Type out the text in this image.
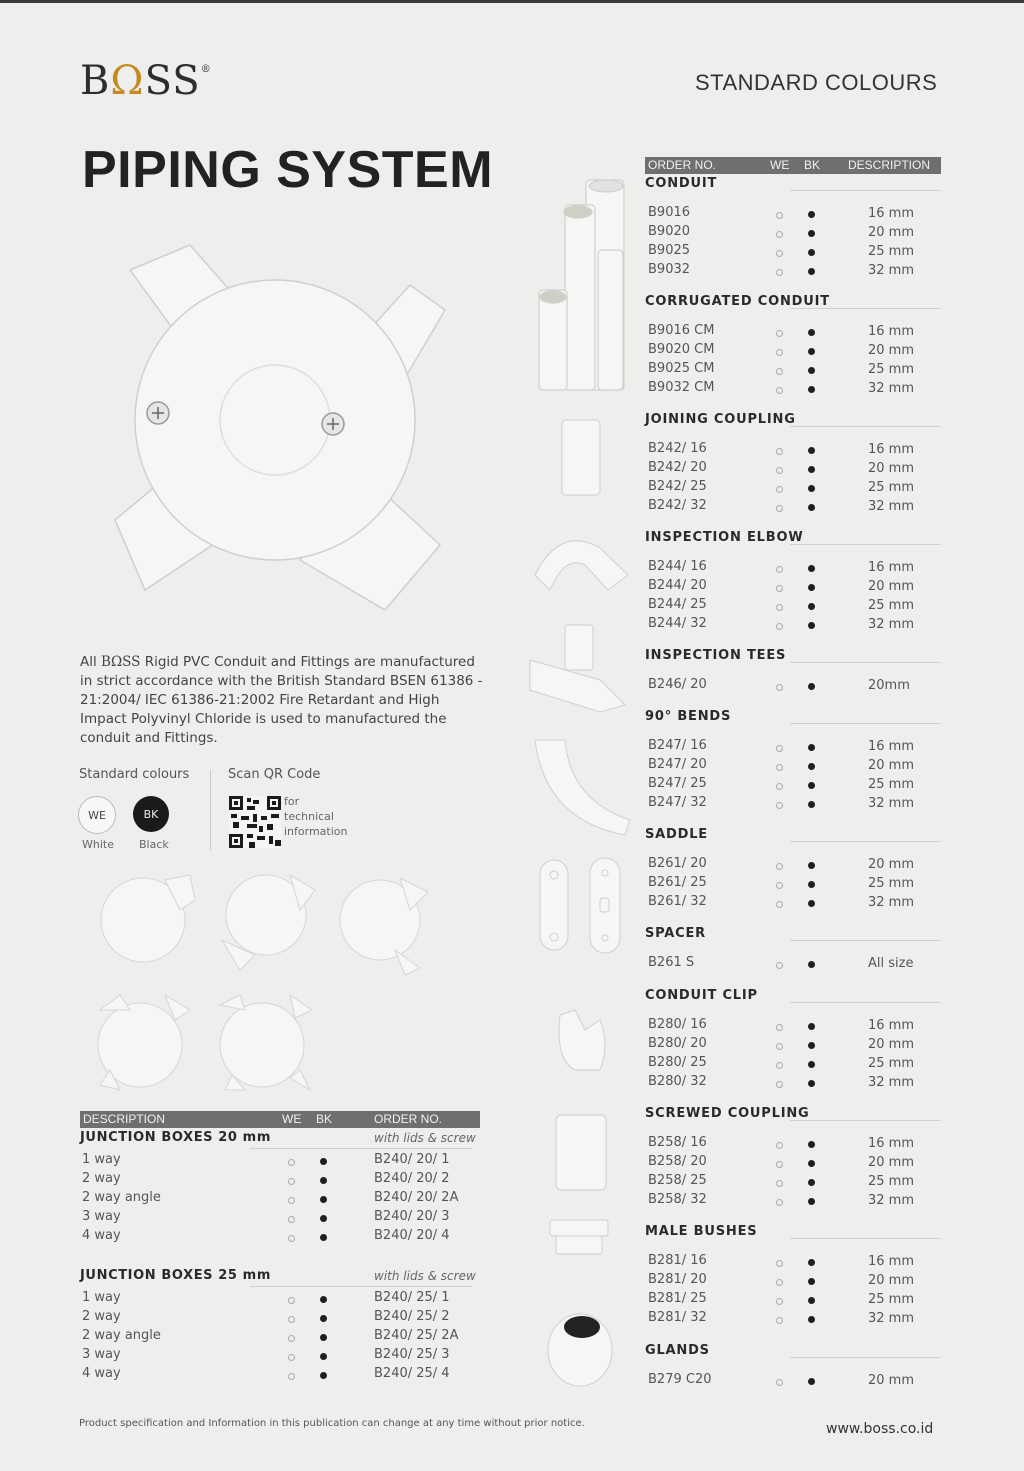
BΩSS®
STANDARD COLOURS
PIPING SYSTEM	ORDER NO.	WE BK DESCRIPTION
CONDUIT
B9016	16 mm
B9020	20 mm
B9025	25 mm
B9032	32 mm
CORRUGATED CONDUIT
B9016 CM	16 mm
B9020 CM	20 mm
B9025 CM	25 mm
B9032 CM	32 mm
JOINING COUPLING
B242/ 16	16 mm
B242/ 20	20 mm
B242/ 25	25 mm
B242/ 32	32 mm
INSPECTION ELBOW
B244/ 16	16 mm
B244/ 20	20 mm
B244/ 25	25 mm
B244/ 32	32 mm
INSPECTION TEES
B246/ 20	20mm
90° BENDS
B247/ 16	16 mm
B247/ 20	20 mm
B247/ 25	25 mm
B247/ 32	32 mm
SADDLE
B261/ 20	20 mm
B261/ 25	25 mm
B261/ 32	32 mm
SPACER
B261 S	All size
CONDUIT CLIP
B280/ 16	16 mm
B280/ 20	20 mm
B280/ 25	25 mm
B280/ 32	32 mm
SCREWED COUPLING
B258/ 16	16 mm
B258/ 20	20 mm
B258/ 25	25 mm
B258/ 32	32 mm
MALE BUSHES
B281/ 16	16 mm
B281/ 20	20 mm
B281/ 25	25 mm
B281/ 32	32 mm
GLANDS
B279 C20	20 mm
All BΩSS Rigid PVC Conduit and Fittings are manufactured in strict accordance with the British Standard BSEN 61386 - 21:2004/ IEC 61386-21:2002 Fire Retardant and High Impact Polyvinyl Chloride is used to manufactured the conduit and Fittings.
Standard colours	Scan QR Code
WE	BK
White Black
for
technical
information
DESCRIPTION	WE BK	ORDER NO.
JUNCTION BOXES 20 mm	with lids & screw
1 way	B240/ 20/ 1
2 way	B240/ 20/ 2
2 way angle	B240/ 20/ 2A
3 way	B240/ 20/ 3
4 way	B240/ 20/ 4
JUNCTION BOXES 25 mm	with lids & screw
1 way	B240/ 25/ 1
2 way	B240/ 25/ 2
2 way angle	B240/ 25/ 2A
3 way	B240/ 25/ 3
4 way	B240/ 25/ 4
Product specification and Information in this publication can change at any time without prior notice.	www.boss.co.id
